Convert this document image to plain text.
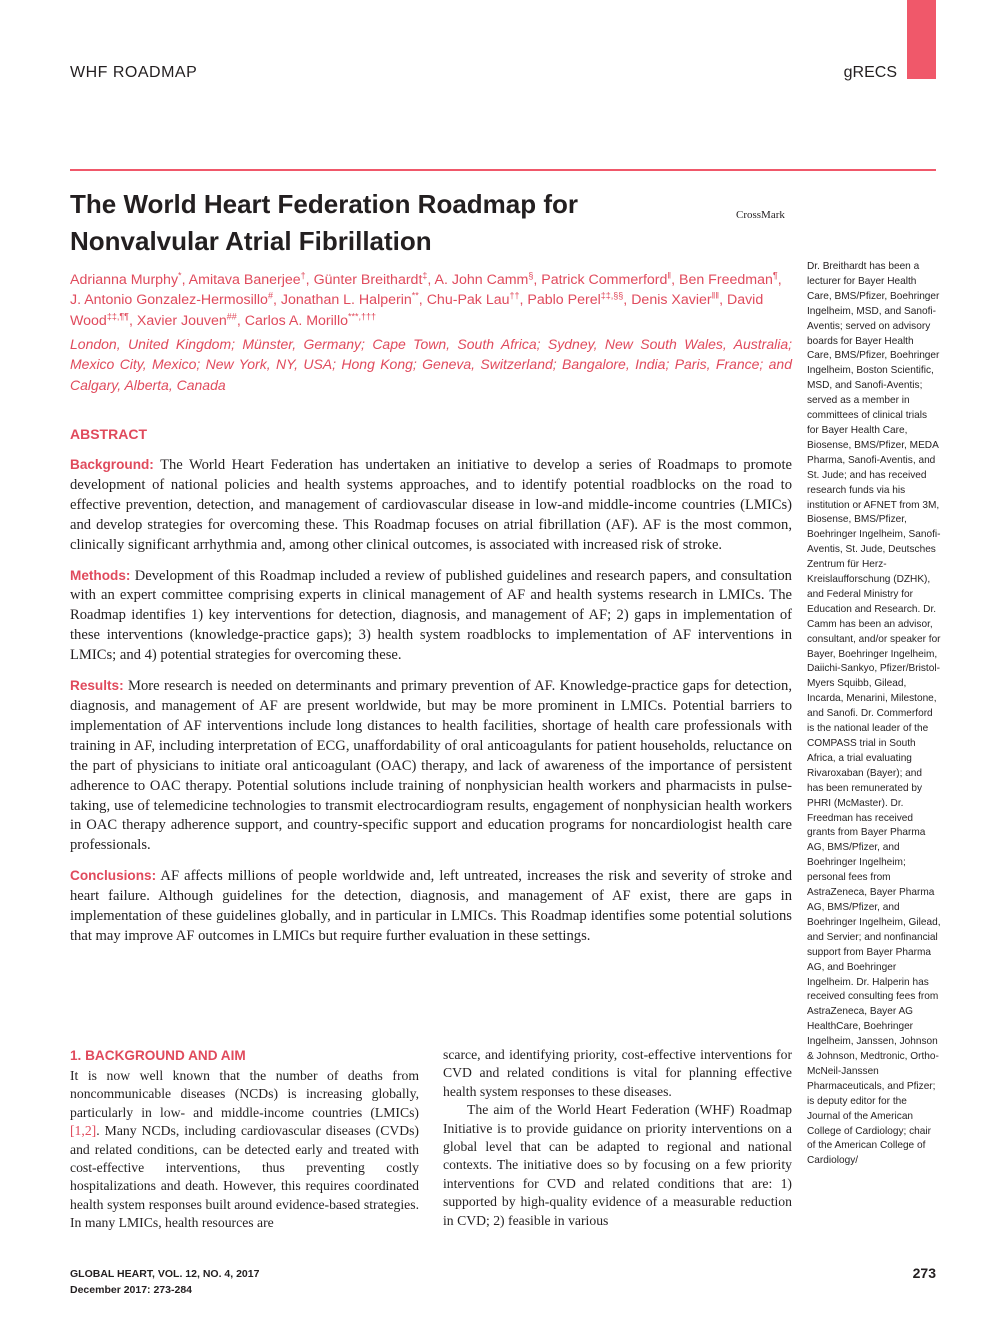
WHF ROADMAP	gRECS
The World Heart Federation Roadmap for
Nonvalvular Atrial Fibrillation
CrossMark
Adrianna Murphy*, Amitava Banerjee†, Günter Breithardt‡, A. John Camm§, Patrick Commerford‖, Ben Freedman¶, J. Antonio Gonzalez-Hermosillo#, Jonathan L. Halperin**, Chu-Pak Lau††, Pablo Perel‡‡,§§, Denis Xavier‖‖, David Wood‡‡,¶¶, Xavier Jouven##, Carlos A. Morillo***,†††
London, United Kingdom; Münster, Germany; Cape Town, South Africa; Sydney, New South Wales, Australia; Mexico City, Mexico; New York, NY, USA; Hong Kong; Geneva, Switzerland; Bangalore, India; Paris, France; and Calgary, Alberta, Canada
ABSTRACT

Background: The World Heart Federation has undertaken an initiative to develop a series of Roadmaps to promote development of national policies and health systems approaches, and to identify potential roadblocks on the road to effective prevention, detection, and management of cardiovascular disease in low-and middle-income countries (LMICs) and develop strategies for overcoming these. This Roadmap focuses on atrial fibrillation (AF). AF is the most common, clinically significant arrhythmia and, among other clinical outcomes, is associated with increased risk of stroke.

Methods: Development of this Roadmap included a review of published guidelines and research papers, and consultation with an expert committee comprising experts in clinical management of AF and health systems research in LMICs. The Roadmap identifies 1) key interventions for detection, diagnosis, and management of AF; 2) gaps in implementation of these interventions (knowledge-practice gaps); 3) health system roadblocks to implementation of AF interventions in LMICs; and 4) potential strategies for overcoming these.

Results: More research is needed on determinants and primary prevention of AF. Knowledge-practice gaps for detection, diagnosis, and management of AF are present worldwide, but may be more prominent in LMICs. Potential barriers to implementation of AF interventions include long distances to health facilities, shortage of health care professionals with training in AF, including interpretation of ECG, unaffordability of oral anticoagulants for patient households, reluctance on the part of physicians to initiate oral anticoagulant (OAC) therapy, and lack of awareness of the importance of persistent adherence to OAC therapy. Potential solutions include training of nonphysician health workers and pharmacists in pulse-taking, use of telemedicine technologies to transmit electrocardiogram results, engagement of nonphysician health workers in OAC therapy adherence support, and country-specific support and education programs for noncardiologist health care professionals.

Conclusions: AF affects millions of people worldwide and, left untreated, increases the risk and severity of stroke and heart failure. Although guidelines for the detection, diagnosis, and management of AF exist, there are gaps in implementation of these guidelines globally, and in particular in LMICs. This Roadmap identifies some potential solutions that may improve AF outcomes in LMICs but require further evaluation in these settings.

Dr. Breithardt has been a lecturer for Bayer Health Care, BMS/Pfizer, Boehringer Ingelheim, MSD, and Sanofi-Aventis; served on advisory boards for Bayer Health Care, BMS/Pfizer, Boehringer Ingelheim, Boston Scientific, MSD, and Sanofi-Aventis; served as a member in committees of clinical trials for Bayer Health Care, Biosense, BMS/Pfizer, MEDA Pharma, Sanofi-Aventis, and St. Jude; and has received research funds via his institution or AFNET from 3M, Biosense, BMS/Pfizer, Boehringer Ingelheim, Sanofi-Aventis, St. Jude, Deutsches Zentrum für Herz-Kreislaufforschung (DZHK), and Federal Ministry for Education and Research. Dr. Camm has been an advisor, consultant, and/or speaker for Bayer, Boehringer Ingelheim, Daiichi-Sankyo, Pfizer/Bristol-Myers Squibb, Gilead, Incarda, Menarini, Milestone, and Sanofi. Dr. Commerford is the national leader of the COMPASS trial in South Africa, a trial evaluating Rivaroxaban (Bayer); and has been remunerated by PHRI (McMaster). Dr. Freedman has received grants from Bayer Pharma AG, BMS/Pfizer, and Boehringer Ingelheim; personal fees from AstraZeneca, Bayer Pharma AG, BMS/Pfizer, and Boehringer Ingelheim, Gilead, and Servier; and nonfinancial support from Bayer Pharma AG, and Boehringer Ingelheim. Dr. Halperin has received consulting fees from AstraZeneca, Bayer AG HealthCare, Boehringer Ingelheim, Janssen, Johnson & Johnson, Medtronic, Ortho-McNeil-Janssen Pharmaceuticals, and Pfizer; is deputy editor for the Journal of the American College of Cardiology; chair of the American College of Cardiology/
1. BACKGROUND AND AIM
It is now well known that the number of deaths from noncommunicable diseases (NCDs) is increasing globally, particularly in low- and middle-income countries (LMICs) [1,2]. Many NCDs, including cardiovascular diseases (CVDs) and related conditions, can be detected early and treated with cost-effective interventions, thus preventing costly hospitalizations and death. However, this requires coordinated health system responses built around evidence-based strategies. In many LMICs, health resources are

scarce, and identifying priority, cost-effective interventions for CVD and related conditions is vital for planning effective health system responses to these diseases.

The aim of the World Heart Federation (WHF) Roadmap Initiative is to provide guidance on priority interventions on a global level that can be adapted to regional and national contexts. The initiative does so by focusing on a few priority interventions for CVD and related conditions that are: 1) supported by high-quality evidence of a measurable reduction in CVD; 2) feasible in various

GLOBAL HEART, VOL. 12, NO. 4, 2017
December 2017: 273-284
273
